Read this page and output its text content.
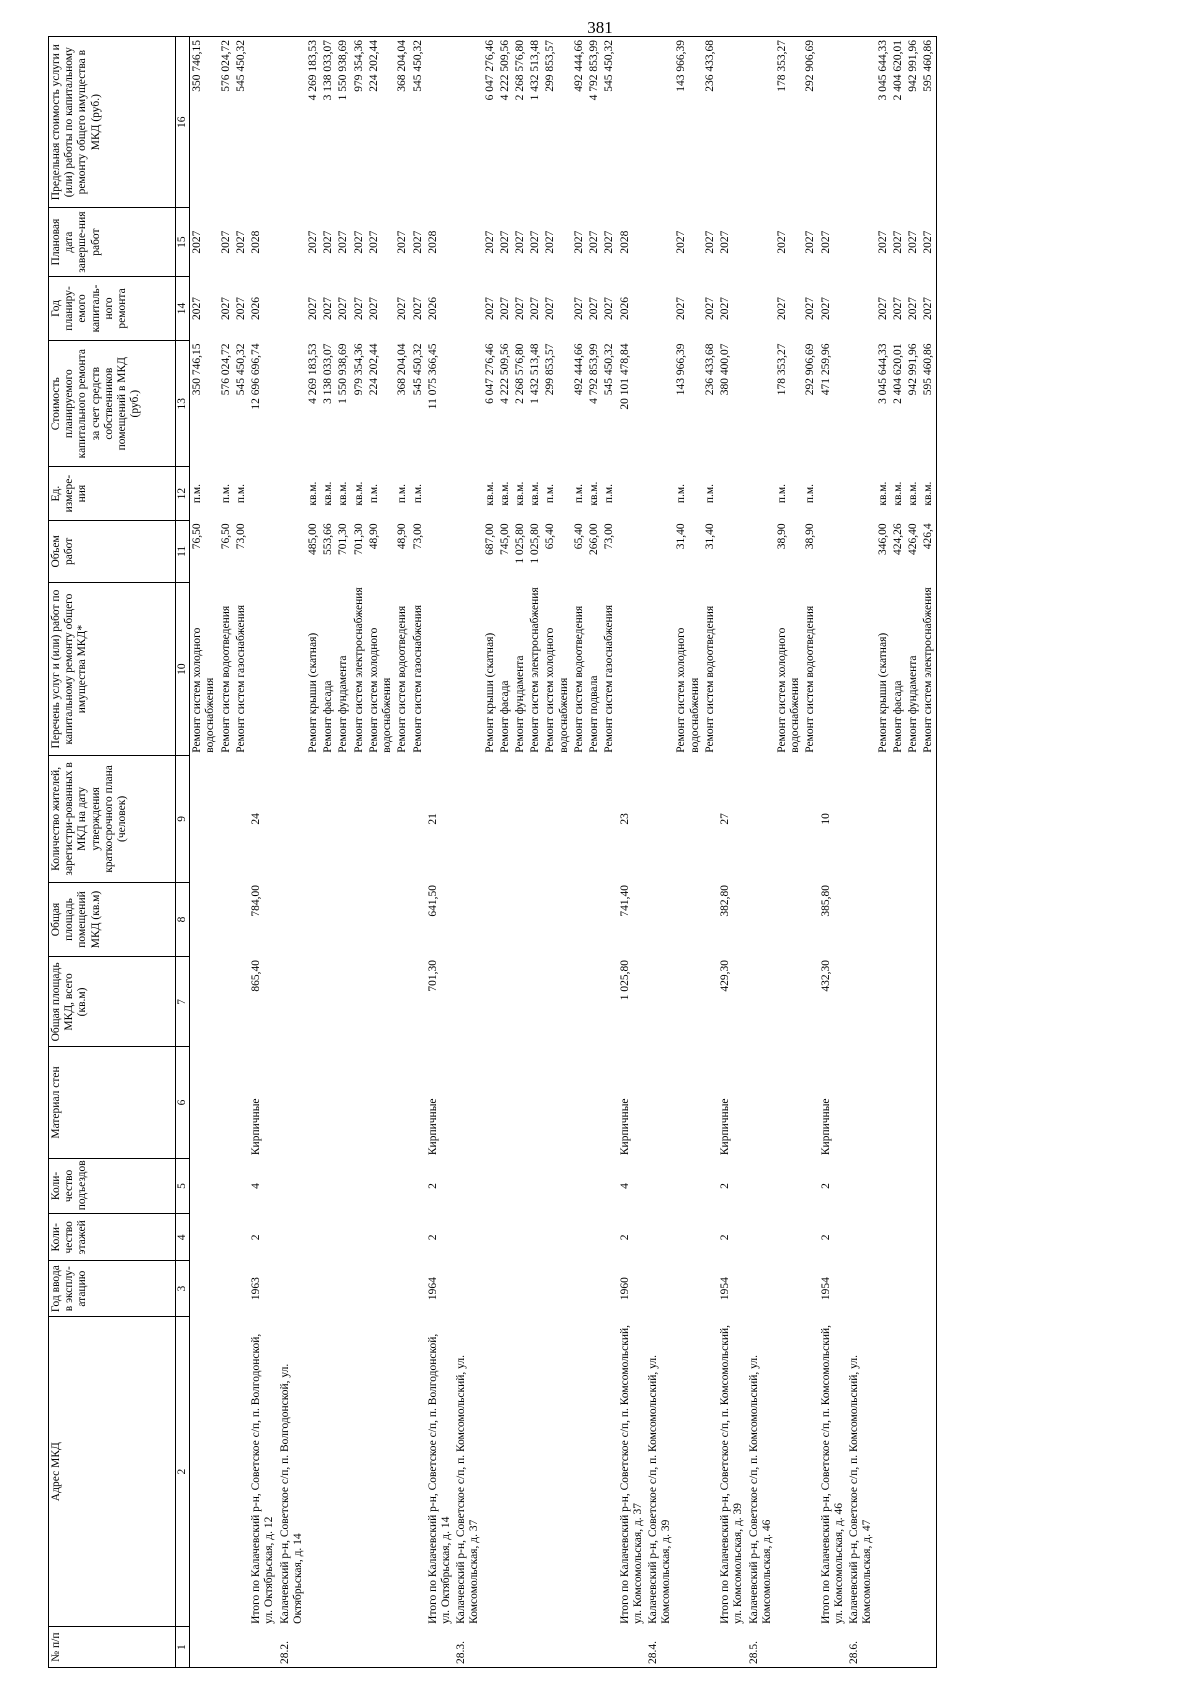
381
№ п/п	Адрес МКД	Год ввода в эксплу-атацию	Коли-чество этажей	Коли-чество подъездов	Материал стен	Общая площадь МКД, всего (кв.м)	Общая площадь помещений МКД (кв.м)	Количество жителей, зарегистри-рованных в МКД на дату утверждения краткосрочного плана (человек)	Перечень услуг и (или) работ по капитальному ремонту общего имущества МКД*	Объем работ	Ед. измере-ния	Стоимость планируемого капитального ремонта за счет средств собственников помещений в МКД (руб.)	Год планиру-емого капиталь-ного ремонта	Плановая дата заверше-ния работ	Предельная стоимость услуги и (или) работы по капитальному ремонту общего имущества в МКД (руб.)
1	2	3	4	5	6	7	8	9	10	11	12	13	14	15	16
									Ремонт систем холодного водоснабжения	76,50	п.м.	350 746,15	2027	2027	350 746,15
									Ремонт систем водоотведения	76,50	п.м.	576 024,72	2027	2027	576 024,72
									Ремонт систем газоснабжения	73,00	п.м.	545 450,32	2027	2027	545 450,32
	Итого по Калачевский р-н, Советское с/п, п. Волгодонской, ул. Октябрьская, д. 12	1963	2	4	Кирпичные	865,40	784,00	24				12 696 696,74	2026	2028	
28.2.	Калачевский р-н, Советское с/п, п. Волгодонской, ул. Октябрьская, д. 14														
									Ремонт крыши (скатная)	485,00	кв.м.	4 269 183,53	2027	2027	4 269 183,53
									Ремонт фасада	553,66	кв.м.	3 138 033,07	2027	2027	3 138 033,07
									Ремонт фундамента	701,30	кв.м.	1 550 938,69	2027	2027	1 550 938,69
									Ремонт систем электроснабжения	701,30	кв.м.	979 354,36	2027	2027	979 354,36
									Ремонт систем холодного водоснабжения	48,90	п.м.	224 202,44	2027	2027	224 202,44
									Ремонт систем водоотведения	48,90	п.м.	368 204,04	2027	2027	368 204,04
									Ремонт систем газоснабжения	73,00	п.м.	545 450,32	2027	2027	545 450,32
	Итого по Калачевский р-н, Советское с/п, п. Волгодонской, ул. Октябрьская, д. 14	1964	2	2	Кирпичные	701,30	641,50	21				11 075 366,45	2026	2028	
28.3.	Калачевский р-н, Советское с/п, п. Комсомольский, ул. Комсомольская, д. 37														
									Ремонт крыши (скатная)	687,00	кв.м.	6 047 276,46	2027	2027	6 047 276,46
									Ремонт фасада	745,00	кв.м.	4 222 509,56	2027	2027	4 222 509,56
									Ремонт фундамента	1 025,80	кв.м.	2 268 576,80	2027	2027	2 268 576,80
									Ремонт систем электроснабжения	1 025,80	кв.м.	1 432 513,48	2027	2027	1 432 513,48
									Ремонт систем холодного водоснабжения	65,40	п.м.	299 853,57	2027	2027	299 853,57
									Ремонт систем водоотведения	65,40	п.м.	492 444,66	2027	2027	492 444,66
									Ремонт подвала	266,00	кв.м.	4 792 853,99	2027	2027	4 792 853,99
									Ремонт систем газоснабжения	73,00	п.м.	545 450,32	2027	2027	545 450,32
	Итого по Калачевский р-н, Советское с/п, п. Комсомольский, ул. Комсомольская, д. 37	1960	2	4	Кирпичные	1 025,80	741,40	23				20 101 478,84	2026	2028	
28.4.	Калачевский р-н, Советское с/п, п. Комсомольский, ул. Комсомольская, д. 39														
									Ремонт систем холодного водоснабжения	31,40	п.м.	143 966,39	2027	2027	143 966,39
									Ремонт систем водоотведения	31,40	п.м.	236 433,68	2027	2027	236 433,68
	Итого по Калачевский р-н, Советское с/п, п. Комсомольский, ул. Комсомольская, д. 39	1954	2	2	Кирпичные	429,30	382,80	27				380 400,07	2027	2027	
28.5.	Калачевский р-н, Советское с/п, п. Комсомольский, ул. Комсомольская, д. 46														
									Ремонт систем холодного водоснабжения	38,90	п.м.	178 353,27	2027	2027	178 353,27
									Ремонт систем водоотведения	38,90	п.м.	292 906,69	2027	2027	292 906,69
	Итого по Калачевский р-н, Советское с/п, п. Комсомольский, ул. Комсомольская, д. 46	1954	2	2	Кирпичные	432,30	385,80	10				471 259,96	2027	2027	
28.6.	Калачевский р-н, Советское с/п, п. Комсомольский, ул. Комсомольская, д. 47														
									Ремонт крыши (скатная)	346,00	кв.м.	3 045 644,33	2027	2027	3 045 644,33
									Ремонт фасада	424,26	кв.м.	2 404 620,01	2027	2027	2 404 620,01
									Ремонт фундамента	426,40	кв.м.	942 991,96	2027	2027	942 991,96
									Ремонт систем электроснабжения	426,4	кв.м.	595 460,86	2027	2027	595 460,86
